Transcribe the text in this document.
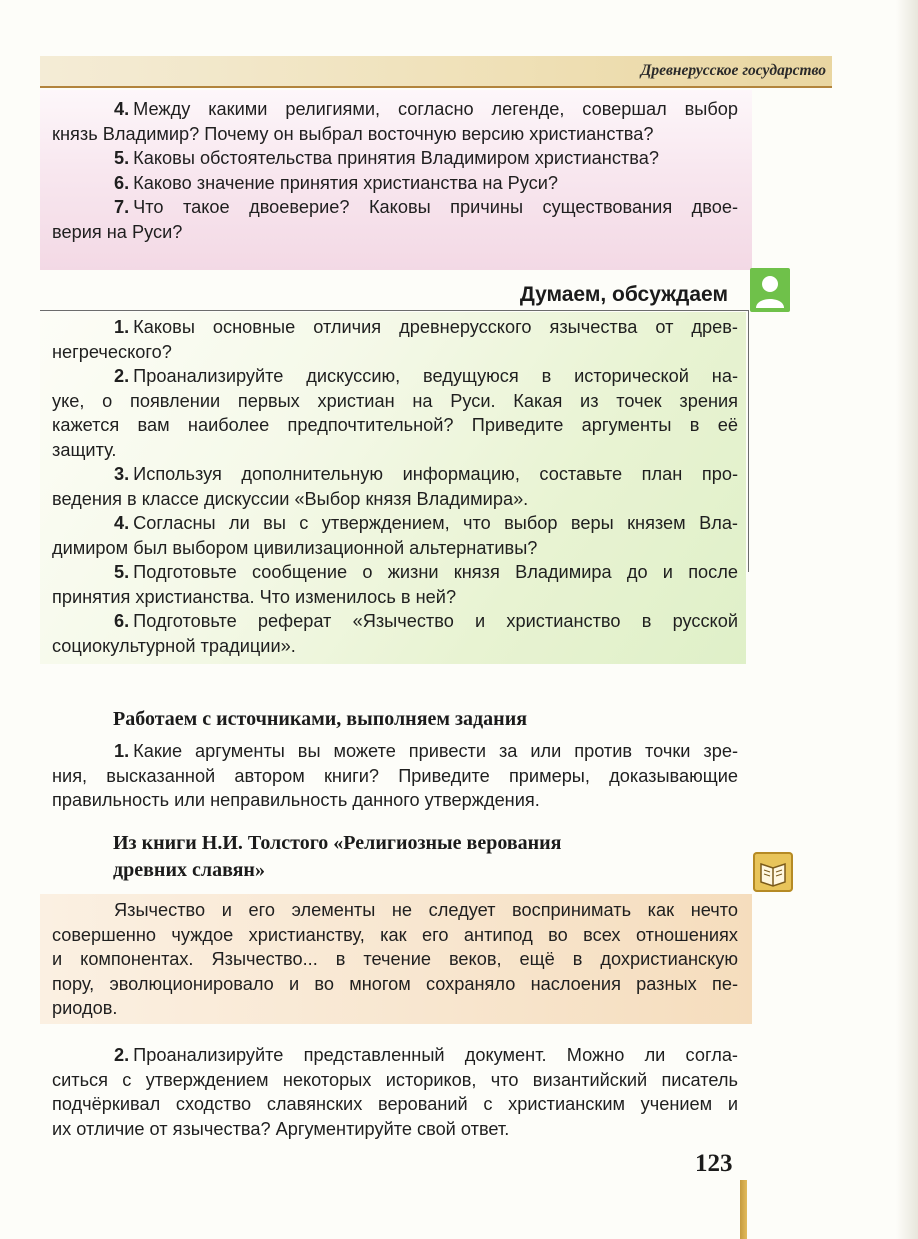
Древнерусское государство
4. Между какими религиями, согласно легенде, совершал выбор
князь Владимир? Почему он выбрал восточную версию христианства?
5. Каковы обстоятельства принятия Владимиром христианства?
6. Каково значение принятия христианства на Руси?
7. Что такое двоеверие? Каковы причины существования двое-
верия на Руси?
Думаем, обсуждаем
1. Каковы основные отличия древнерусского язычества от древ-
негреческого?
2. Проанализируйте дискуссию, ведущуюся в исторической на-
уке, о появлении первых христиан на Руси. Какая из точек зрения
кажется вам наиболее предпочтительной? Приведите аргументы в её
защиту.
3. Используя дополнительную информацию, составьте план про-
ведения в классе дискуссии «Выбор князя Владимира».
4. Согласны ли вы с утверждением, что выбор веры князем Вла-
димиром был выбором цивилизационной альтернативы?
5. Подготовьте сообщение о жизни князя Владимира до и после
принятия христианства. Что изменилось в ней?
6. Подготовьте реферат «Язычество и христианство в русской
социокультурной традиции».
Работаем с источниками, выполняем задания
1. Какие аргументы вы можете привести за или против точки зре-
ния, высказанной автором книги? Приведите примеры, доказывающие
правильность или неправильность данного утверждения.
Из книги Н.И. Толстого «Религиозные верования
древних славян»
Язычество и его элементы не следует воспринимать как нечто
совершенно чуждое христианству, как его антипод во всех отношениях
и компонентах. Язычество... в течение веков, ещё в дохристианскую
пору, эволюционировало и во многом сохраняло наслоения разных пе-
риодов.
2. Проанализируйте представленный документ. Можно ли согла-
ситься с утверждением некоторых историков, что византийский писатель
подчёркивал сходство славянских верований с христианским учением и
их отличие от язычества? Аргументируйте свой ответ.
123
